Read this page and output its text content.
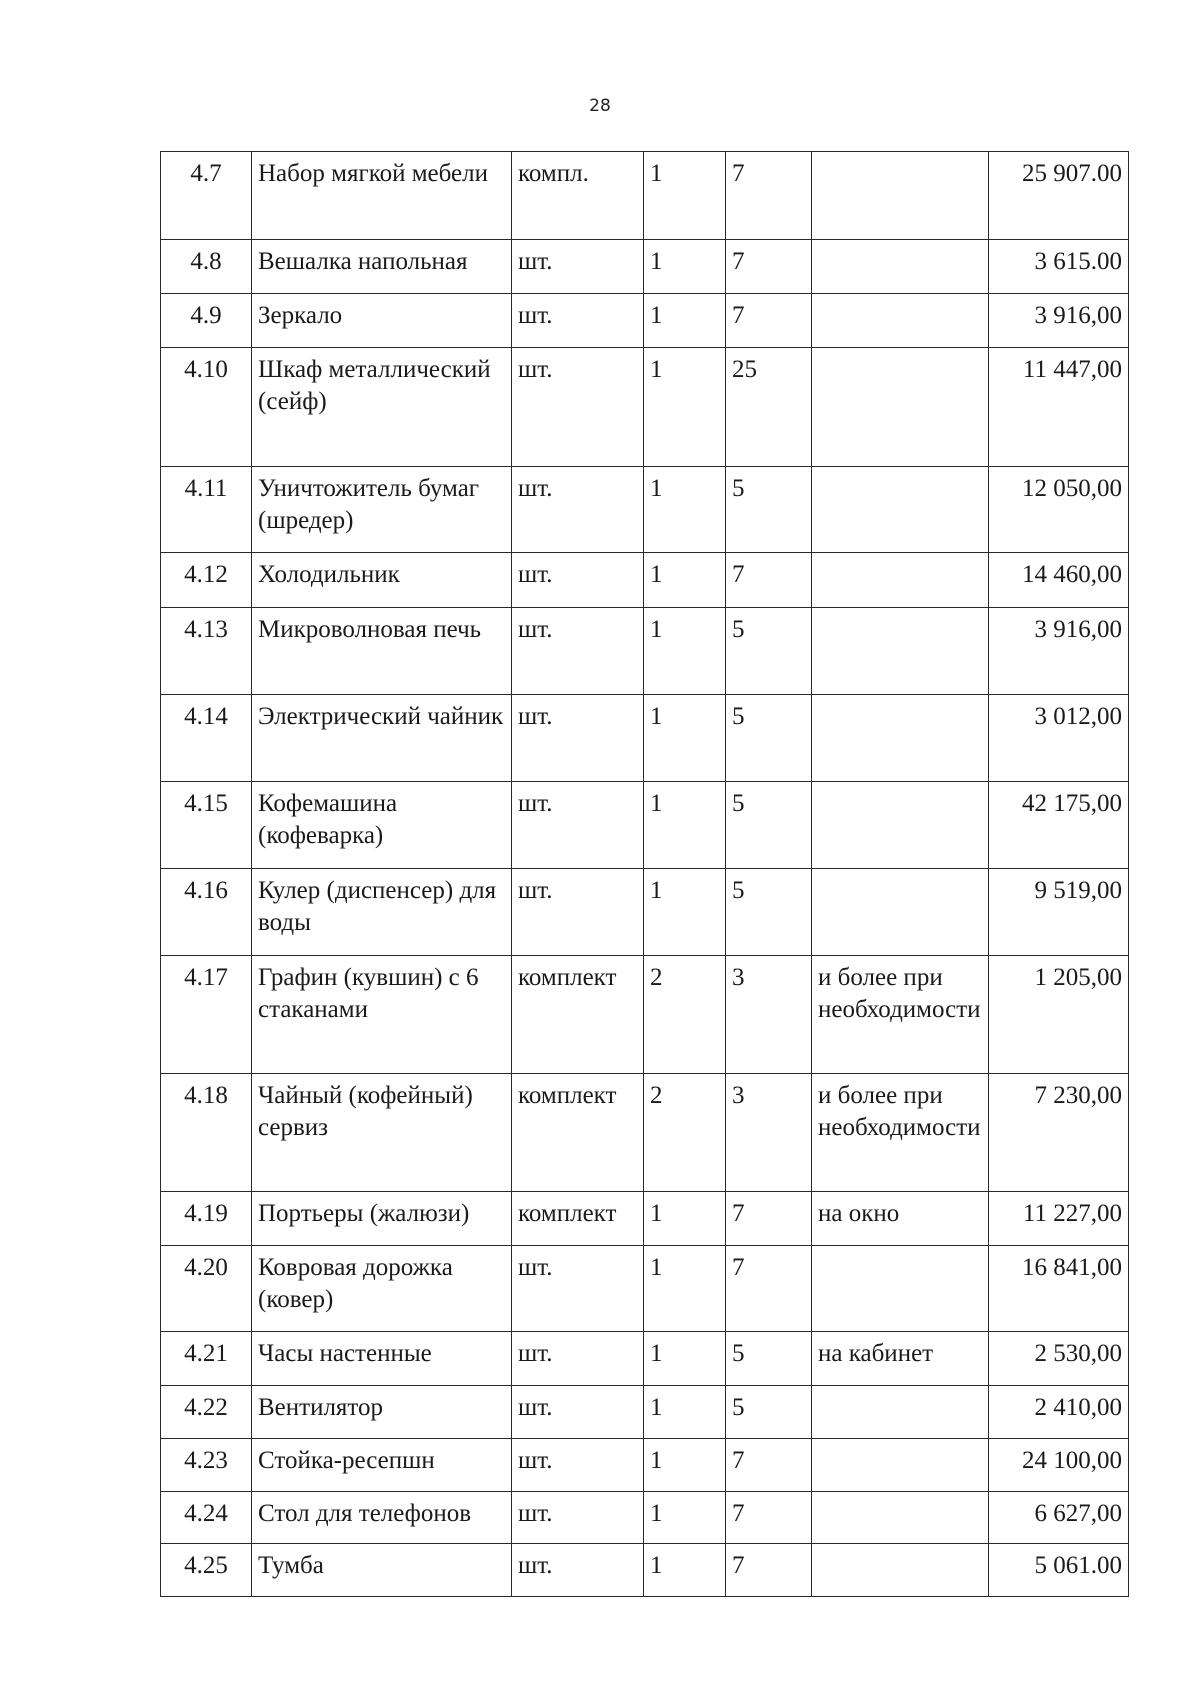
28
4.7	Набор мягкой мебели	компл.	1	7		25 907.00
4.8	Вешалка напольная	шт.	1	7		3 615.00
4.9	Зеркало	шт.	1	7		3 916,00
4.10	Шкаф металлический (сейф)	шт.	1	25		11 447,00
4.11	Уничтожитель бумаг (шредер)	шт.	1	5		12 050,00
4.12	Холодильник	шт.	1	7		14 460,00
4.13	Микроволновая печь	шт.	1	5		3 916,00
4.14	Электрический чайник	шт.	1	5		3 012,00
4.15	Кофемашина (кофеварка)	шт.	1	5		42 175,00
4.16	Кулер (диспенсер) для воды	шт.	1	5		9 519,00
4.17	Графин (кувшин) с 6 стаканами	комплект	2	3	и более при необходимости	1 205,00
4.18	Чайный (кофейный) сервиз	комплект	2	3	и более при необходимости	7 230,00
4.19	Портьеры (жалюзи)	комплект	1	7	на окно	11 227,00
4.20	Ковровая дорожка (ковер)	шт.	1	7		16 841,00
4.21	Часы настенные	шт.	1	5	на кабинет	2 530,00
4.22	Вентилятор	шт.	1	5		2 410,00
4.23	Стойка-ресепшн	шт.	1	7		24 100,00
4.24	Стол для телефонов	шт.	1	7		6 627,00
4.25	Тумба	шт.	1	7		5 061.00
